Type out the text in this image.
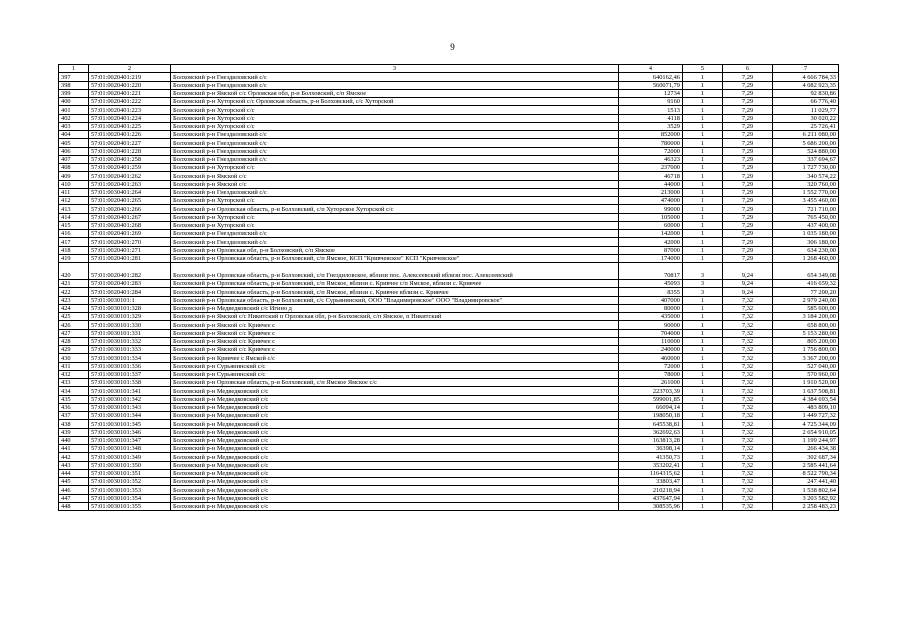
9
1	2	3	4	5	6	7
397	57:01:0020401:219	Болховский р-н Гнездиловский с/с	640162,46	1	7,29	4 666 784,33
398	57:01:0020401:220	Болховский р-н Гнездиловский с/с	560071,79	1	7,29	4 082 923,35
399	57:01:0020401:221	Болховский р-н Ямской с/с Орловская обл, р-н Болховский, с/п Ямское	12734	1	7,29	92 830,86
400	57:01:0020401:222	Болховский р-н Хуторской с/с Орловская область, р-н Болховский, с/с Хуторской	9160	1	7,29	66 776,40
401	57:01:0020401:223	Болховский р-н Хуторской с/с	1513	1	7,29	11 029,77
402	57:01:0020401:224	Болховский р-н Хуторской с/с	4118	1	7,29	30 020,22
403	57:01:0020401:225	Болховский р-н Хуторской с/с	3529	1	7,29	25 726,41
404	57:01:0020401:226	Болховский р-н Гнездиловский с/с	852000	1	7,29	6 211 080,00
405	57:01:0020401:227	Болховский р-н Гнездиловский с/с	780000	1	7,29	5 686 200,00
406	57:01:0020401:228	Болховский р-н Гнездиловский с/с	72000	1	7,29	524 880,00
407	57:01:0020401:258	Болховский р-н Гнездиловский с/с	46323	1	7,29	337 694,67
408	57:01:0020401:259	Болховский р-н Хуторской с/с	237000	1	7,29	1 727 730,00
409	57:01:0020401:262	Болховский р-н Ямской с/с	46718	1	7,29	340 574,22
410	57:01:0020401:263	Болховский р-н Ямской с/с	44000	1	7,29	320 760,00
411	57:01:0030401:264	Болховский р-н Гнездиловский с/с	213000	1	7,29	1 552 770,00
412	57:01:0020401:265	Болховский р-н Хуторской с/с	474000	1	7,29	3 455 460,00
413	57:01:0020401:266	Болховский р-н Орловская область, р-н Болховский, с/п Хуторское Хуторской с/с	99000	1	7,29	721 710,00
414	57:01:0020401:267	Болховский р-н Хуторской с/с	105000	1	7,29	765 450,00
415	57:01:0020401:268	Болховский р-н Хуторской с/с	60000	1	7,29	437 400,00
416	57:01:0020401:269	Болховский р-н Гнездиловский с/с	142000	1	7,29	1 035 180,00
417	57:01:0020401:270	Болховский р-н Гнездиловский с/с	42000	1	7,29	306 180,00
418	57:01:0020401:271	Болховский р-н Орловская обл, р-н Болховский, с/п Ямское	87000	1	7,29	634 230,00
419	57:01:0020401:281	Болховский р-н Орловская область, р-н Болховский, с/п Ямское, КСП "Кривчевское" КСП "Кривчевское"	174000	1	7,29	1 268 460,00
420	57:01:0020401:282	Болховский р-н Орловская область, р-н Болховский, с/п Гнездиловское, вблизи пос. Алексеевский вблизи пос. Алексеевский	70817	3	9,24	654 349,08
421	57:01:0020401:283	Болховский р-н Орловская область, р-н Болховский, с/п Ямское, вблизи с. Кривчее с/п Ямское, вблизи с. Кривчее	45093	3	9,24	416 659,32
422	57:01:0020401:284	Болховский р-н Орловская область, р-н Болховский, с/п Ямское, вблизи с. Кривчее вблизи с. Кривчее	8355	3	9,24	77 200,20
423	57:01:0030101:1	Болховский р-н Орловская область, р-н Болховский, с/с Сурьянинский, ООО "Владимировское" ООО "Владимировское"	407000	1	7,32	2 979 240,00
424	57:01:0030101:328	Болховский р-н Медведковский с/с Игино д	80000	1	7,32	585 600,00
425	57:01:0030101:329	Болховский р-н Ямской с/с Никитский п Орловская обл, р-н Болховский, с/п Ямское, п Никитский	435000	1	7,32	3 184 200,00
426	57:01:0030101:330	Болховский р-н Ямской с/с Кривчее с	90000	1	7,32	658 800,00
427	57:01:0030101:331	Болховский р-н Ямской с/с Кривчее с	704000	1	7,32	5 153 280,00
428	57:01:0030101:332	Болховский р-н Ямской с/с Кривчее с	110000	1	7,32	805 200,00
429	57:01:0030101:333	Болховский р-н Ямской с/с Кривчее с	240000	1	7,32	1 756 800,00
430	57:01:0030101:334	Болховский р-н Кривчее с Ямской с/с	460000	1	7,32	3 367 200,00
431	57:01:0030101:336	Болховский р-н Сурьянинский с/с	72000	1	7,32	527 040,00
432	57:01:0030101:337	Болховский р-н Сурьянинский с/с	78000	1	7,32	570 960,00
433	57:01:0030101:338	Болховский р-н Орловская область, р-н Болховский, с/п Ямское Ямское с/с	261000	1	7,32	1 910 520,00
434	57:01:0030101:341	Болховский р-н Медведковский с/с	223703,39	1	7,32	1 637 508,81
435	57:01:0030101:342	Болховский р-н Медведковский с/с	599001,85	1	7,32	4 384 693,54
436	57:01:0030101:343	Болховский р-н Медведковский с/с	66094,14	1	7,32	483 809,10
437	57:01:0030101:344	Болховский р-н Медведковский с/с	198050,18	1	7,32	1 449 727,32
438	57:01:0030101:345	Болховский р-н Медведковский с/с	645538,81	1	7,32	4 725 344,09
439	57:01:0030101:346	Болховский р-н Медведковский с/с	362692,63	1	7,32	2 654 910,05
440	57:01:0030101:347	Болховский р-н Медведковский с/с	163813,28	1	7,32	1 199 244,97
441	57:01:0030101:348	Болховский р-н Медведковский с/с	36398,14	1	7,32	266 434,38
442	57:01:0030101:349	Болховский р-н Медведковский с/с	41350,73	1	7,32	302 687,34
443	57:01:0030101:350	Болховский р-н Медведковский с/с	353202,41	1	7,32	2 585 441,64
444	57:01:0030101:351	Болховский р-н Медведковский с/с	1164315,62	1	7,32	8 522 790,34
445	57:01:0030101:352	Болховский р-н Медведковский с/с	33803,47	1	7,32	247 441,40
446	57:01:0030101:353	Болховский р-н Медведковский с/с	210218,94	1	7,32	1 538 802,64
447	57:01:0030101:354	Болховский р-н Медведковский с/с	437647,94	1	7,32	3 203 582,92
448	57:01:0030101:355	Болховский р-н Медведковский с/с	308535,96	1	7,32	2 258 483,23
